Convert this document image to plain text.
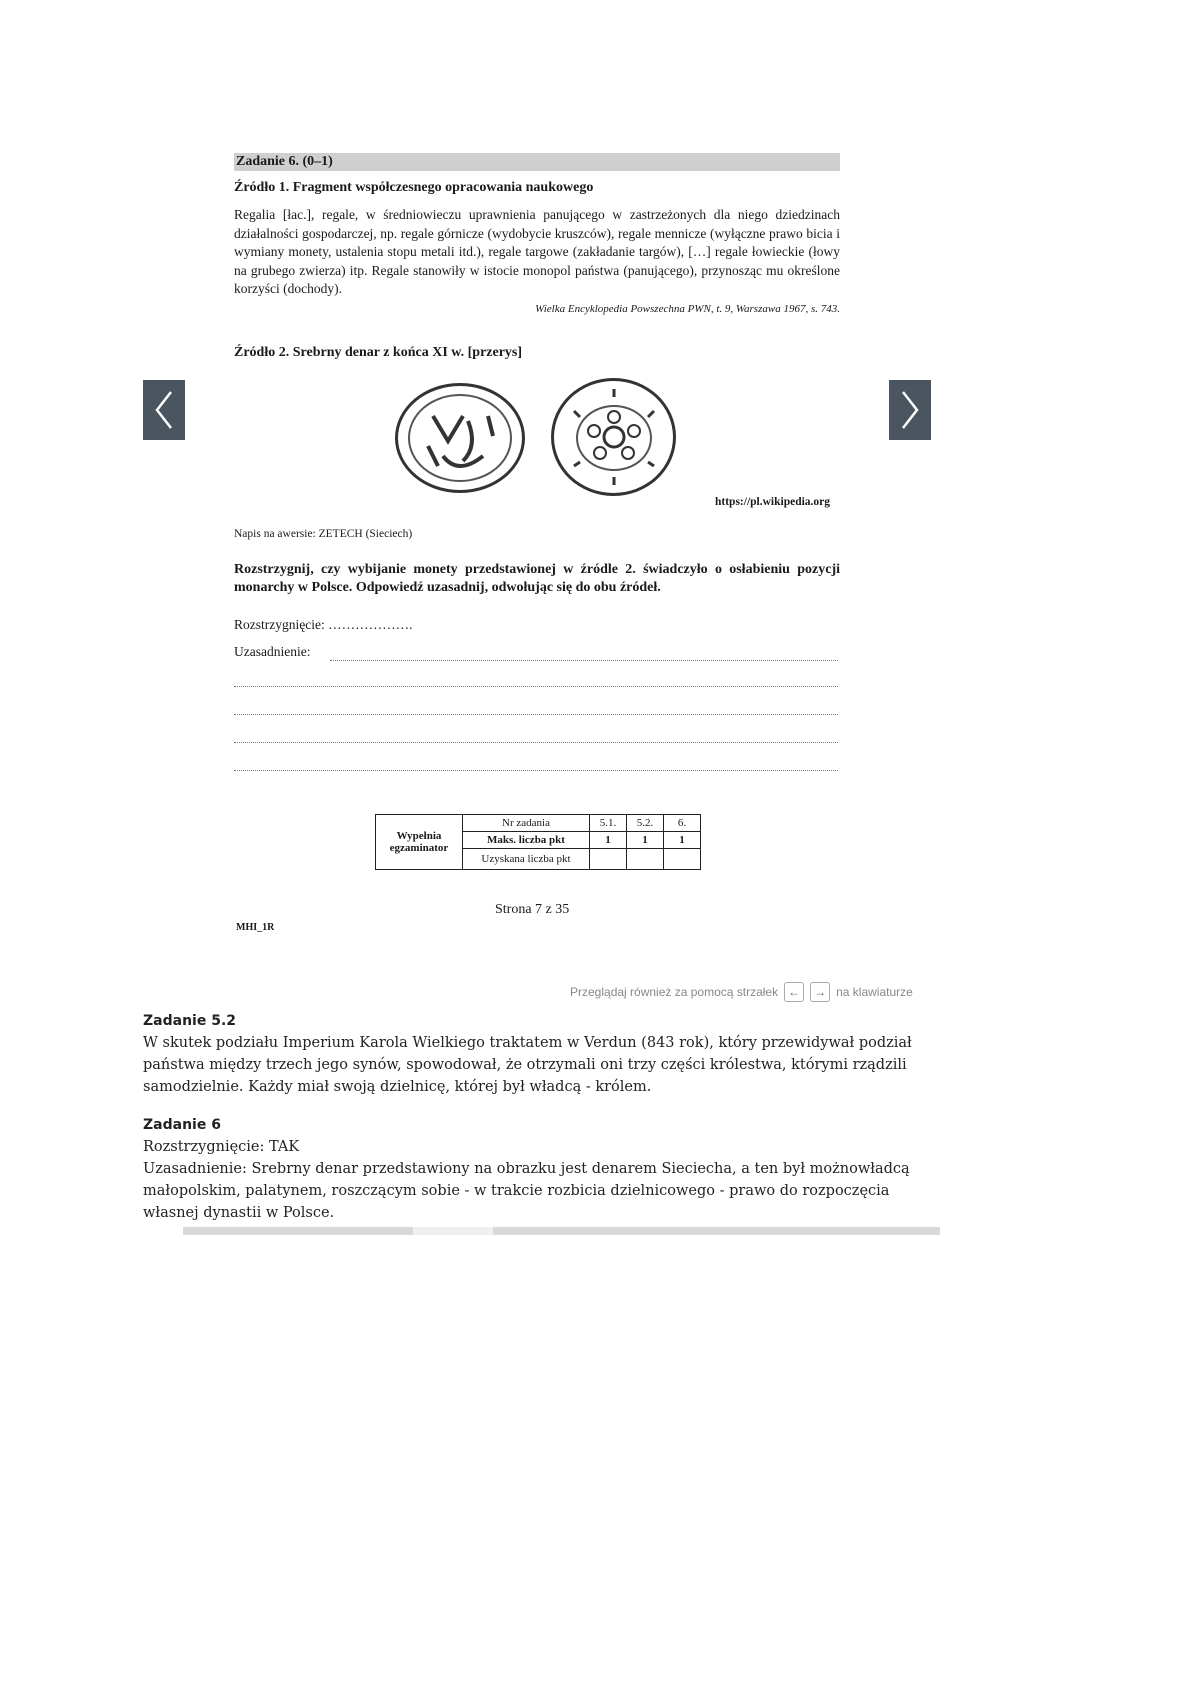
Zadanie 6. (0–1)
Źródło 1. Fragment współczesnego opracowania naukowego
Regalia [łac.], regale, w średniowieczu uprawnienia panującego w zastrzeżonych dla niego dziedzinach działalności gospodarczej, np. regale górnicze (wydobycie kruszców), regale mennicze (wyłączne prawo bicia i wymiany monety, ustalenia stopu metali itd.), regale targowe (zakładanie targów), […] regale łowieckie (łowy na grubego zwierza) itp. Regale stanowiły w istocie monopol państwa (panującego), przynosząc mu określone korzyści (dochody).
Wielka Encyklopedia Powszechna PWN, t. 9, Warszawa 1967, s. 743.
Źródło 2. Srebrny denar z końca XI w. [przerys]
https://pl.wikipedia.org
Napis na awersie: ZETECH (Sieciech)
Rozstrzygnij, czy wybijanie monety przedstawionej w źródle 2. świadczyło o osłabieniu pozycji monarchy w Polsce. Odpowiedź uzasadnij, odwołując się do obu źródeł.
Rozstrzygnięcie: ……………….
Uzasadnienie:
Wypełnia egzaminator	Nr zadania	5.1.	5.2.	6.
	Maks. liczba pkt	1	1	1
	Uzyskana liczba pkt			
Strona 7 z 35
MHI_1R
Przeglądaj również za pomocą strzałek ←	→ na klawiaturze

Zadanie 5.2

W skutek podziału Imperium Karola Wielkiego traktatem w Verdun (843 rok), który przewidywał podział państwa między trzech jego synów, spowodował, że otrzymali oni trzy części królestwa, którymi rządzili samodzielnie. Każdy miał swoją dzielnicę, której był władcą - królem.

Zadanie 6

Rozstrzygnięcie: TAK

Uzasadnienie: Srebrny denar przedstawiony na obrazku jest denarem Sieciecha, a ten był możnowładcą małopolskim, palatynem, roszczącym sobie - w trakcie rozbicia dzielnicowego - prawo do rozpoczęcia własnej dynastii w Polsce.
